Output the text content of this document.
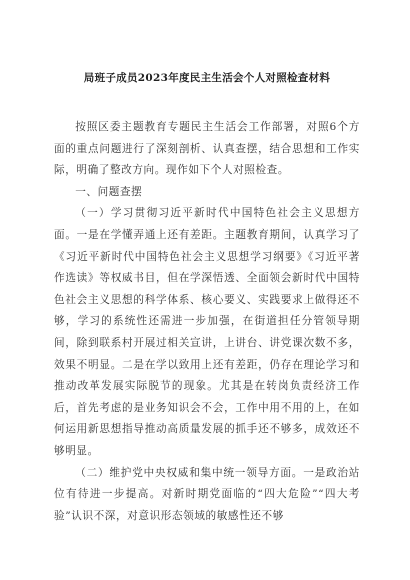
局班子成员2023年度民主生活会个人对照检查材料

按照区委主题教育专题民主生活会工作部署，对照6个方面的重点问题进行了深刻剖析、认真查摆，结合思想和工作实际，明确了整改方向。现作如下个人对照检查。

一、问题查摆

（一）学习贯彻习近平新时代中国特色社会主义思想方面。一是在学懂弄通上还有差距。主题教育期间，认真学习了《习近平新时代中国特色社会主义思想学习纲要》《习近平著作选读》等权威书目，但在学深悟透、全面领会新时代中国特色社会主义思想的科学体系、核心要义、实践要求上做得还不够，学习的系统性还需进一步加强，在街道担任分管领导期间，除到联系村开展过相关宣讲，上讲台、讲党课次数不多，效果不明显。二是在学以致用上还有差距，仍存在理论学习和推动改革发展实际脱节的现象。尤其是在转岗负责经济工作后，首先考虑的是业务知识会不会，工作中用不用的上，在如何运用新思想指导推动高质量发展的抓手还不够多，成效还不够明显。

（二）维护党中央权威和集中统一领导方面。一是政治站位有待进一步提高。对新时期党面临的“四大危险”“四大考验”认识不深，对意识形态领域的敏感性还不够
